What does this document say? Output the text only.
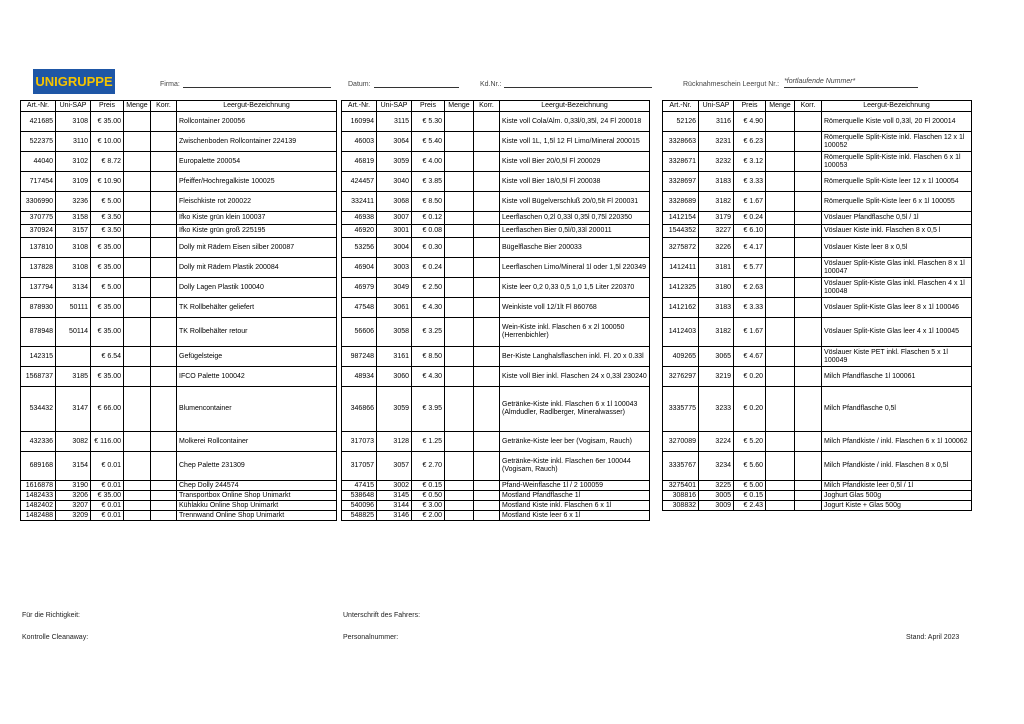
UNIGRUPPE	Firma:	Datum:	Kd.Nr.:	Rücknahmeschein Leergut Nr.: *fortlaufende Nummer*
Art.-Nr.	Uni-SAP	Preis	Menge	Korr.	Leergut-Bezeichnung
421685	3108	€ 35.00			Rollcontainer 200056
522375	3110	€ 10.00			Zwischenboden Rollcontainer 224139
44040	3102	€ 8.72			Europalette 200054
717454	3109	€ 10.90			Pfeiffer/Hochregalkiste 100025
3306990	3236	€ 5.00			Fleischkiste rot 200022
370775	3158	€ 3.50			Ifko Kiste grün klein 100037
370924	3157	€ 3.50			Ifko Kiste grün groß 225195
137810	3108	€ 35.00			Dolly mit Rädern Eisen silber 200087
137828	3108	€ 35.00			Dolly mit Rädern Plastik 200084
137794	3134	€ 5.00			Dolly Lagen Plastik 100040
878930	50111	€ 35.00			TK Rollbehälter geliefert
878948	50114	€ 35.00			TK Rollbehälter retour
142315		€ 6.54			Gefügelsteige
1568737	3185	€ 35.00			IFCO Palette 100042
534432	3147	€ 66.00			Blumencontainer
432336	3082	€ 116.00			Molkerei Rollcontainer
689168	3154	€ 0.01			Chep Palette 231309
1616878	3190	€ 0.01			Chep Dolly 244574
1482433	3206	€ 35.00			Transportbox Online Shop Unimarkt
1482402	3207	€ 0.01			Kühlakku Online Shop Unimarkt
1482488	3209	€ 0.01			Trennwand Online Shop Unimarkt
Art.-Nr.	Uni-SAP	Preis	Menge	Korr.	Leergut-Bezeichnung
160994	3115	€ 5.30			Kiste voll Cola/Alm. 0,33l/0,35l, 24 Fl 200018
46003	3064	€ 5.40			Kiste voll 1L, 1,5l 12 Fl Limo/Mineral 200015
46819	3059	€ 4.00			Kiste voll Bier 20/0,5l Fl 200029
424457	3040	€ 3.85			Kiste voll Bier 18/0,5l Fl 200038
332411	3068	€ 8.50			Kiste voll Bügelverschluß 20/0,5lt Fl 200031
46938	3007	€ 0.12			Leerflaschen 0,2l 0,33l 0,35l 0,75l 220350
46920	3001	€ 0.08			Leerflaschen Bier 0,5l/0,33l 200011
53256	3004	€ 0.30			Bügelflasche Bier 200033
46904	3003	€ 0.24			Leerflaschen Limo/Mineral 1l oder 1,5l 220349
46979	3049	€ 2.50			Kiste leer 0,2 0,33 0,5 1,0 1,5 Liter 220370
47548	3061	€ 4.30			Weinkiste voll 12/1lt Fl 860768
56606	3058	€ 3.25			Wein-Kiste inkl. Flaschen 6 x 2l 100050 (Herrenbichler)
987248	3161	€ 8.50			Ber-Kiste Langhalsflaschen inkl. Fl. 20 x 0.33l
48934	3060	€ 4.30			Kiste voll Bier inkl. Flaschen 24 x 0,33l 230240
346866	3059	€ 3.95			Getränke-Kiste inkl. Flaschen 6 x 1l 100043 (Almdudler, Radlberger, Mineralwasser)
317073	3128	€ 1.25			Getränke-Kiste leer ber (Vogisam, Rauch)
317057	3057	€ 2.70			Getränke-Kiste inkl. Flaschen 6er 100044 (Vogisam, Rauch)
47415	3002	€ 0.15			Pfand-Weinflasche 1l / 2 100059
538648	3145	€ 0.50			Mostland Pfandflasche 1l
540096	3144	€ 3.00			Mostland Kiste inkl. Flaschen 6 x 1l
548825	3146	€ 2.00			Mostland Kiste leer 6 x 1l
Art.-Nr.	Uni-SAP	Preis	Menge	Korr.	Leergut-Bezeichnung
52126	3116	€ 4.90			Römerquelle Kiste voll 0,33l, 20 Fl 200014
3328663	3231	€ 6.23			Römerquelle Split-Kiste inkl. Flaschen 12 x 1l 100052
3328671	3232	€ 3.12			Römerquelle Split-Kiste inkl. Flaschen 6 x 1l 100053
3328697	3183	€ 3.33			Römerquelle Split-Kiste leer 12 x 1l 100054
3328689	3182	€ 1.67			Römerquelle Split-Kiste leer 6 x 1l 100055
1412154	3179	€ 0.24			Vöslauer Pfandflasche 0,5l / 1l
1544352	3227	€ 6.10			Vöslauer Kiste inkl. Flaschen 8 x 0,5 l
3275872	3226	€ 4.17			Vöslauer Kiste leer 8 x 0,5l
1412411	3181	€ 5.77			Vöslauer Split-Kiste Glas inkl. Flaschen 8 x 1l 100047
1412325	3180	€ 2.63			Vöslauer Split-Kiste Glas inkl. Flaschen 4 x 1l 100048
1412162	3183	€ 3.33			Vöslauer Split-Kiste Glas leer 8 x 1l 100046
1412403	3182	€ 1.67			Vöslauer Split-Kiste Glas leer 4 x 1l 100045
409265	3065	€ 4.67			Vöslauer Kiste PET inkl. Flaschen 5 x 1l 100049
3276297	3219	€ 0.20			Milch Pfandflasche 1l 100061
3335775	3233	€ 0.20			Milch Pfandflasche 0,5l
3270089	3224	€ 5.20			Milch Pfandkiste / inkl. Flaschen 6 x 1l 100062
3335767	3234	€ 5.60			Milch Pfandkiste / inkl. Flaschen 8 x 0,5l
3275401	3225	€ 5.00			Milch Pfandkiste leer 0,5l / 1l
308816	3005	€ 0.15			Joghurt Glas 500g
308832	3009	€ 2.43			Jogurt Kiste + Glas 500g
Für die Richtigkeit:	Unterschrift des Fahrers:
Kontrolle Cleanaway:	Personalnummer:	Stand: April 2023
